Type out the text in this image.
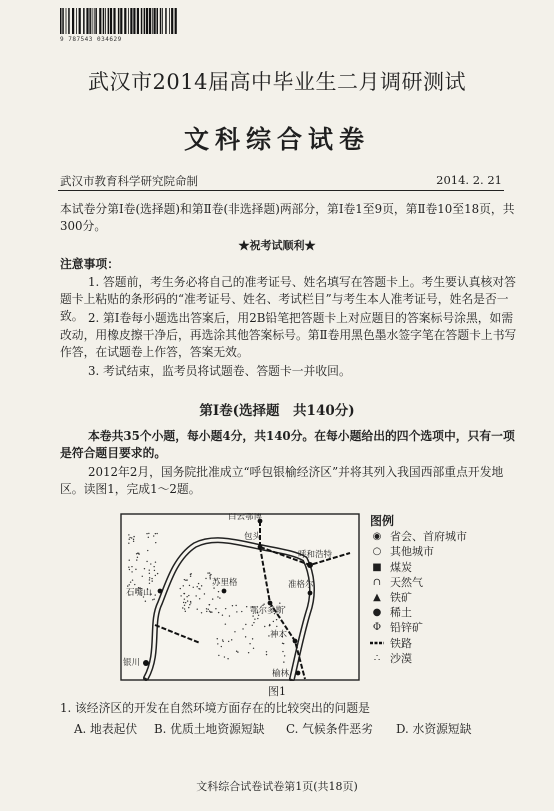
9 787543 034629
武汉市2014届高中毕业生二月调研测试
文科综合试卷
武汉市教育科学研究院命制	2014. 2. 21
本试卷分第Ⅰ卷(选择题)和第Ⅱ卷(非选择题)两部分，第Ⅰ卷1至9页，第Ⅱ卷10至18页，共300分。
★祝考试顺利★
注意事项：
1. 答题前，考生务必将自己的准考证号、姓名填写在答题卡上。考生要认真核对答题卡上粘贴的条形码的“准考证号、姓名、考试栏目”与考生本人准考证号，姓名是否一致。 2. 第Ⅰ卷每小题选出答案后，用2B铅笔把答题卡上对应题目的答案标号涂黑，如需改动，用橡皮擦干净后，再选涂其他答案标号。第Ⅱ卷用黑色墨水签字笔在答题卡上书写作答，在试题卷上作答，答案无效。
3. 考试结束，监考员将试题卷、答题卡一并收回。
第Ⅰ卷(选择题　共140分)
本卷共35个小题，每小题4分，共140分。在每小题给出的四个选项中，只有一项是符合题目要求的。
2012年2月，国务院批准成立“呼包银榆经济区”并将其列入我国西部重点开发地区。读图1，完成1～2题。
白云鄂博
包头
呼和浩特
石嘴山
苏里格
鄂尔多斯
准格尔
神木
银川
榆林
图例
◉ 省会、首府城市
○ 其他城市
■ 煤炭
∩ 天然气
▲ 铁矿
● 稀土
Φ 铅锌矿
铁路
∴ 沙漠
图1
1. 该经济区的开发在自然环境方面存在的比较突出的问题是
A. 地表起伏 B. 优质土地资源短缺 C. 气候条件恶劣 D. 水资源短缺
文科综合试卷试卷第1页(共18页)
